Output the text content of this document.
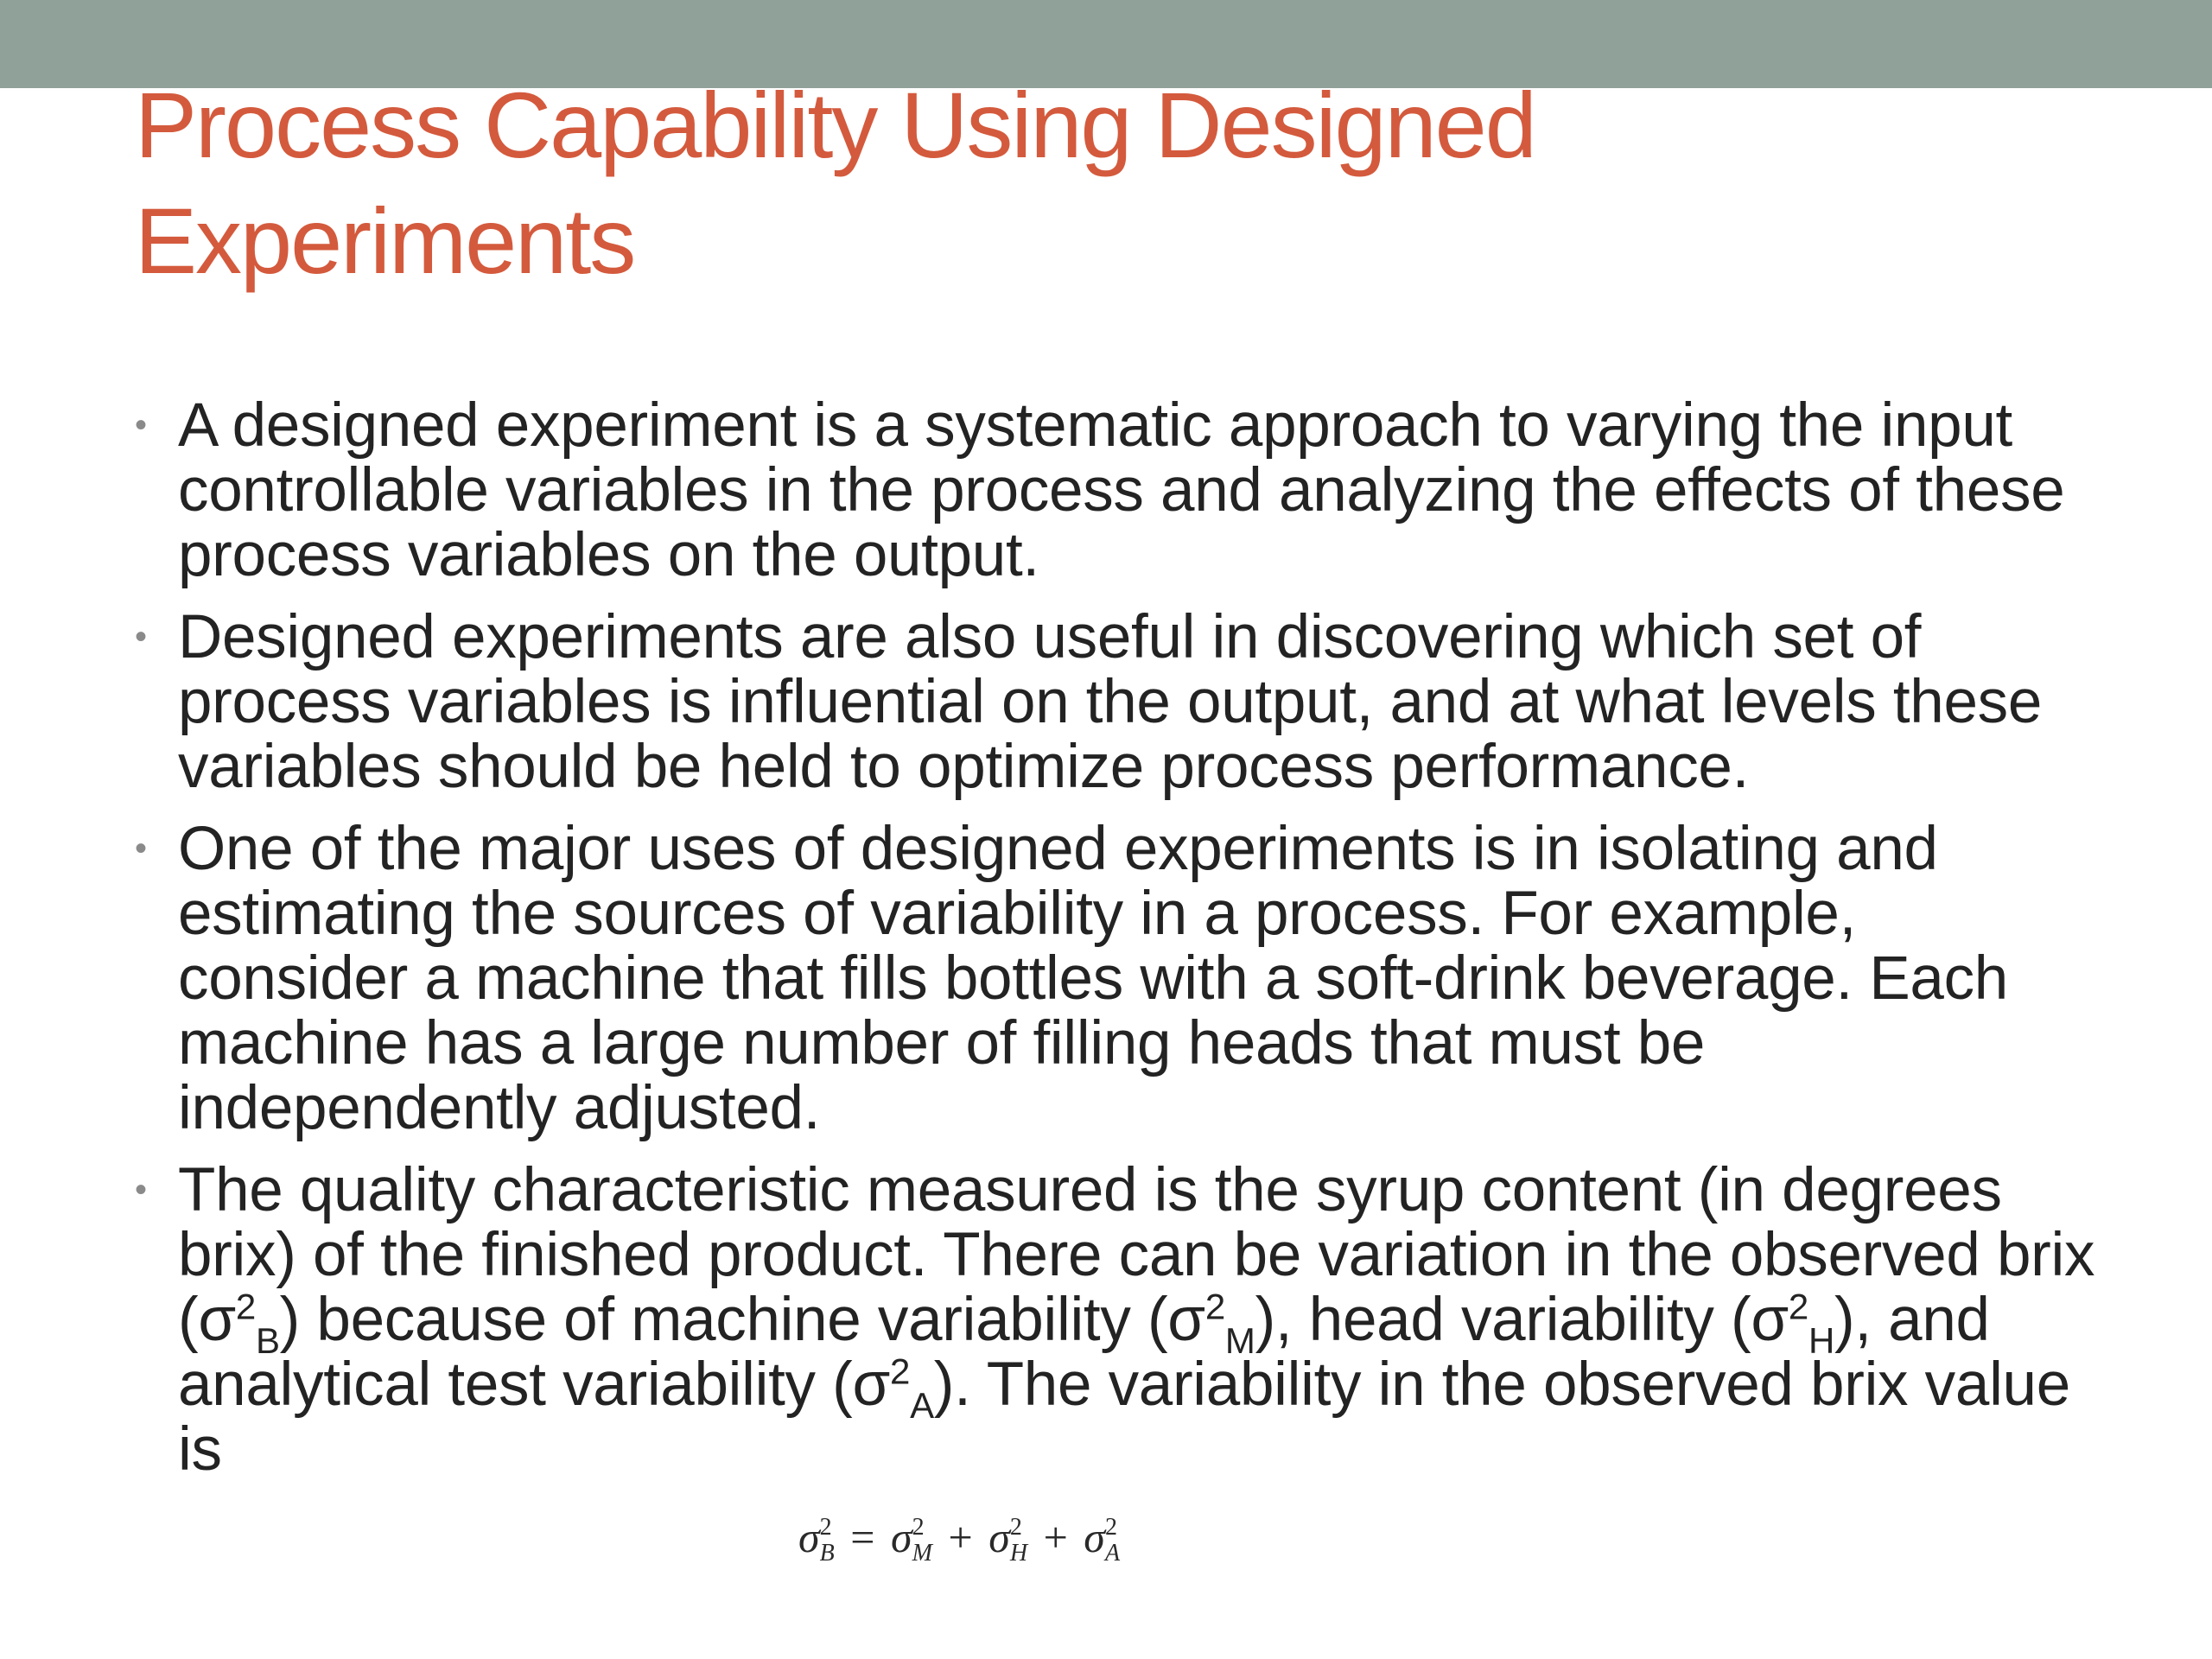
Process Capability Using Designed Experiments
• A designed experiment is a systematic approach to varying the input controllable variables in the process and analyzing the effects of these process variables on the output.
• Designed experiments are also useful in discovering which set of process variables is influential on the output, and at what levels these variables should be held to optimize process performance.
• One of the major uses of designed experiments is in isolating and estimating the sources of variability in a process. For example, consider a machine that fills bottles with a soft-drink beverage. Each machine has a large number of filling heads that must be independently adjusted.
• The quality characteristic measured is the syrup content (in degrees brix) of the finished product. There can be variation in the observed brix $(\sigma^2_B)$ because of machine variability $(\sigma^2_M)$, head variability $(\sigma^2_H)$, and analytical test variability $(\sigma^2_A)$. The variability in the observed brix value is
$\sigma^2_B = \sigma^2_M + \sigma^2_H + \sigma^2_A$
